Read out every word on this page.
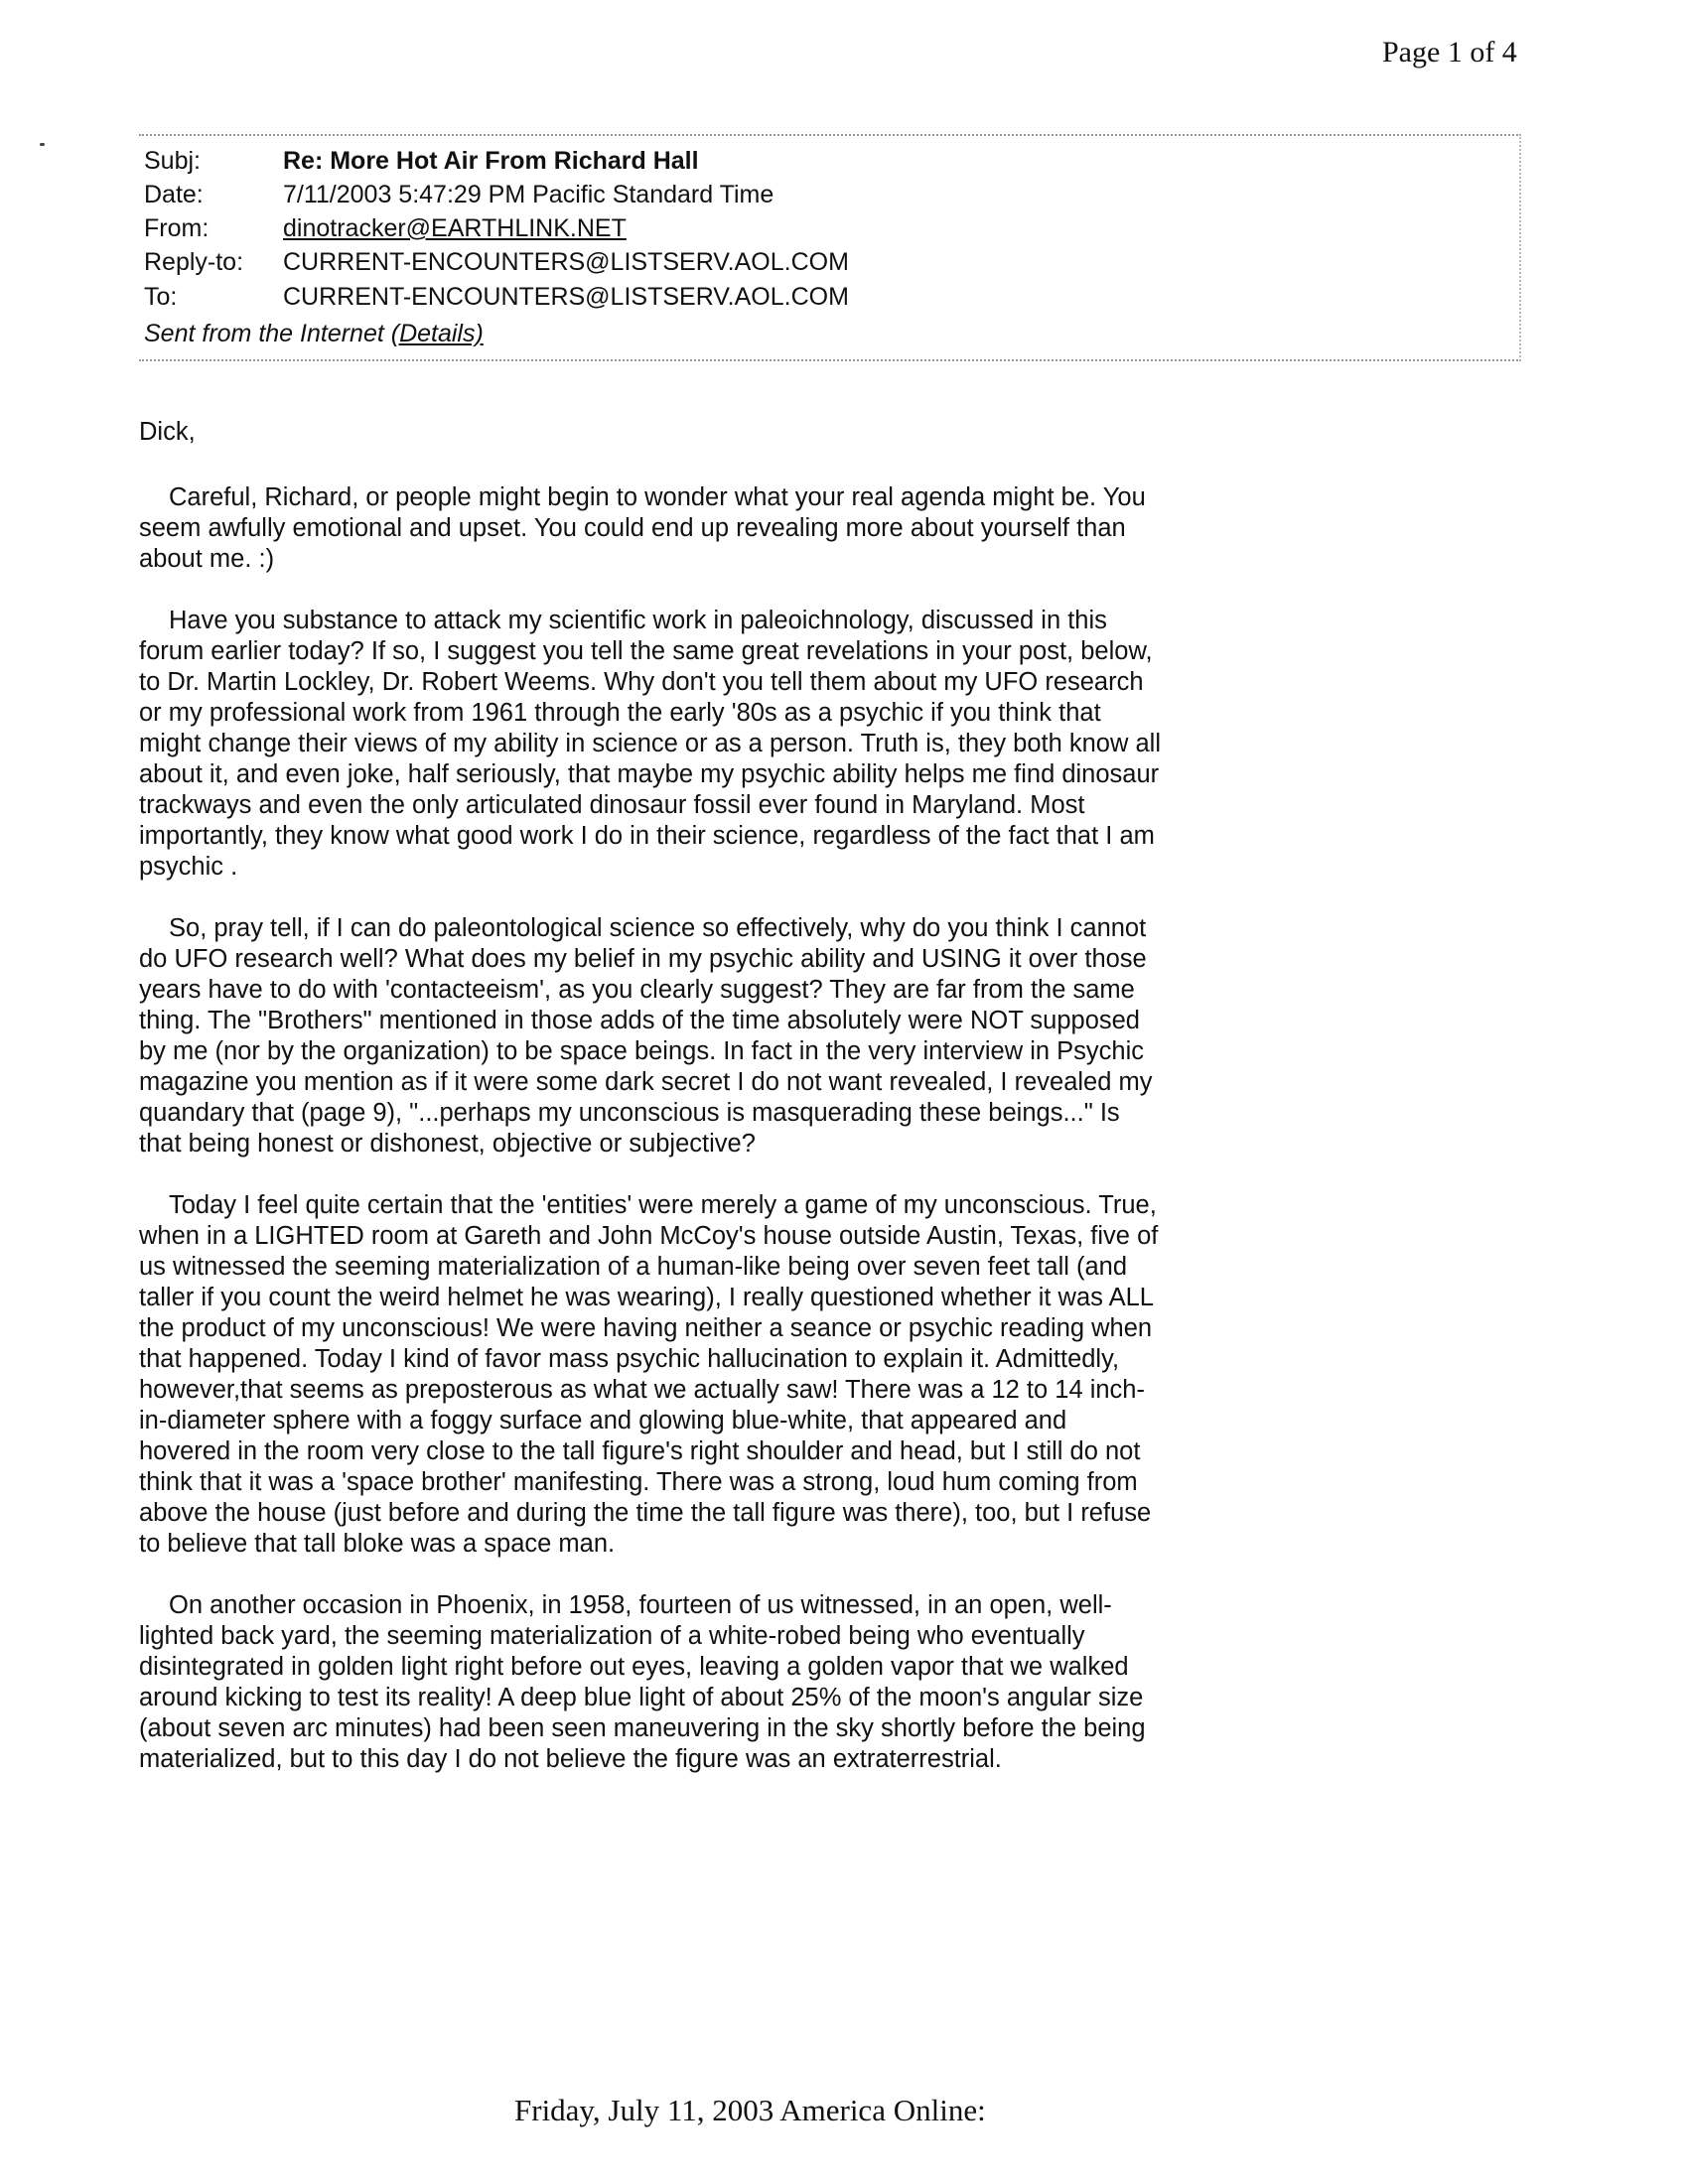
Page 1 of 4
Subj:	Re: More Hot Air From Richard Hall
Date:	7/11/2003 5:47:29 PM Pacific Standard Time
From:	dinotracker@EARTHLINK.NET
Reply-to: CURRENT-ENCOUNTERS@LISTSERV.AOL.COM
To:	CURRENT-ENCOUNTERS@LISTSERV.AOL.COM
Sent from the Internet (Details)

Dick,

Careful, Richard, or people might begin to wonder what your real agenda might be. You seem awfully emotional and upset. You could end up revealing more about yourself than about me. :)

Have you substance to attack my scientific work in paleoichnology, discussed in this forum earlier today? If so, I suggest you tell the same great revelations in your post, below, to Dr. Martin Lockley, Dr. Robert Weems. Why don't you tell them about my UFO research or my professional work from 1961 through the early '80s as a psychic if you think that might change their views of my ability in science or as a person. Truth is, they both know all about it, and even joke, half seriously, that maybe my psychic ability helps me find dinosaur trackways and even the only articulated dinosaur fossil ever found in Maryland. Most importantly, they know what good work I do in their science, regardless of the fact that I am psychic .

So, pray tell, if I can do paleontological science so effectively, why do you think I cannot do UFO research well? What does my belief in my psychic ability and USING it over those years have to do with 'contacteeism', as you clearly suggest? They are far from the same thing. The "Brothers" mentioned in those adds of the time absolutely were NOT supposed by me (nor by the organization) to be space beings. In fact in the very interview in Psychic magazine you mention as if it were some dark secret I do not want revealed, I revealed my quandary that (page 9), "...perhaps my unconscious is masquerading these beings..." Is that being honest or dishonest, objective or subjective?

Today I feel quite certain that the 'entities' were merely a game of my unconscious. True, when in a LIGHTED room at Gareth and John McCoy's house outside Austin, Texas, five of us witnessed the seeming materialization of a human-like being over seven feet tall (and taller if you count the weird helmet he was wearing), I really questioned whether it was ALL the product of my unconscious! We were having neither a seance or psychic reading when that happened. Today I kind of favor mass psychic hallucination to explain it. Admittedly, however,that seems as preposterous as what we actually saw! There was a 12 to 14 inch-in-diameter sphere with a foggy surface and glowing blue-white, that appeared and hovered in the room very close to the tall figure's right shoulder and head, but I still do not think that it was a 'space brother' manifesting. There was a strong, loud hum coming from above the house (just before and during the time the tall figure was there), too, but I refuse to believe that tall bloke was a space man.

On another occasion in Phoenix, in 1958, fourteen of us witnessed, in an open, well-lighted back yard, the seeming materialization of a white-robed being who eventually disintegrated in golden light right before out eyes, leaving a golden vapor that we walked around kicking to test its reality! A deep blue light of about 25% of the moon's angular size (about seven arc minutes) had been seen maneuvering in the sky shortly before the being materialized, but to this day I do not believe the figure was an extraterrestrial.

Friday, July 11, 2003 America Online:
